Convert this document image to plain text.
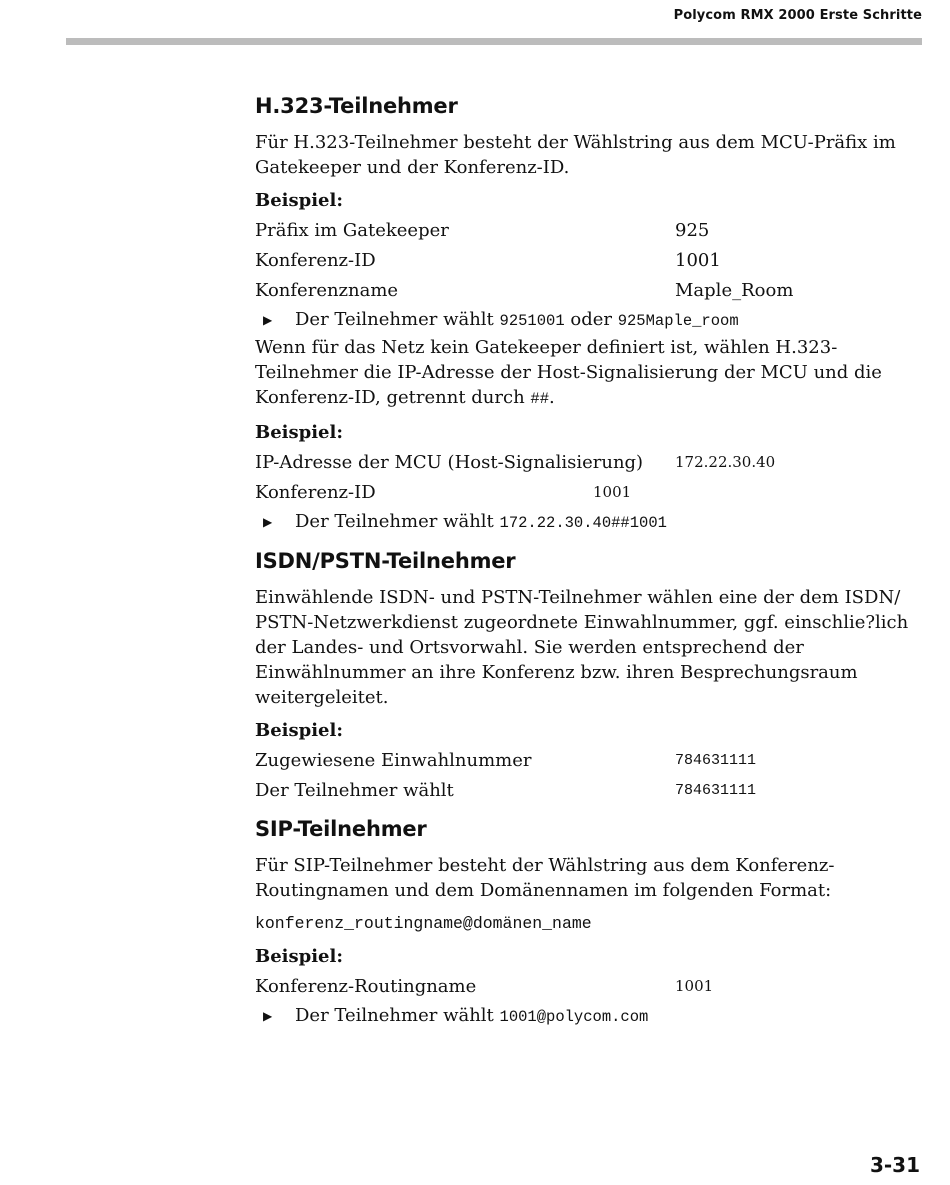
Polycom RMX 2000 Erste Schritte
H.323-Teilnehmer

Für H.323-Teilnehmer besteht der Wählstring aus dem MCU-Präfix im Gatekeeper und der Konferenz-ID.

Beispiel:
Präfix im Gatekeeper	925
Konferenz-ID	1001
Konferenzname	Maple_Room
▶	Der Teilnehmer wählt 9251001 oder 925Maple_room

Wenn für das Netz kein Gatekeeper definiert ist, wählen H.323-Teilnehmer die IP-Adresse der Host-Signalisierung der MCU und die Konferenz-ID, getrennt durch ##.

Beispiel:
IP-Adresse der MCU (Host-Signalisierung)	172.22.30.40
Konferenz-ID	1001
▶	Der Teilnehmer wählt 172.22.30.40##1001
ISDN/PSTN-Teilnehmer

Einwählende ISDN- und PSTN-Teilnehmer wählen eine der dem ISDN/ PSTN-Netzwerkdienst zugeordnete Einwahlnummer, ggf. einschlie?lich der Landes- und Ortsvorwahl. Sie werden entsprechend der Einwählnummer an ihre Konferenz bzw. ihren Besprechungsraum weitergeleitet.

Beispiel:
Zugewiesene Einwahlnummer	784631111
Der Teilnehmer wählt	784631111
SIP-Teilnehmer

Für SIP-Teilnehmer besteht der Wählstring aus dem Konferenz-Routingnamen und dem Domänennamen im folgenden Format:

konferenz_routingname@domänen_name
Beispiel:
Konferenz-Routingname	1001
▶	Der Teilnehmer wählt 1001@polycom.com
3-31
